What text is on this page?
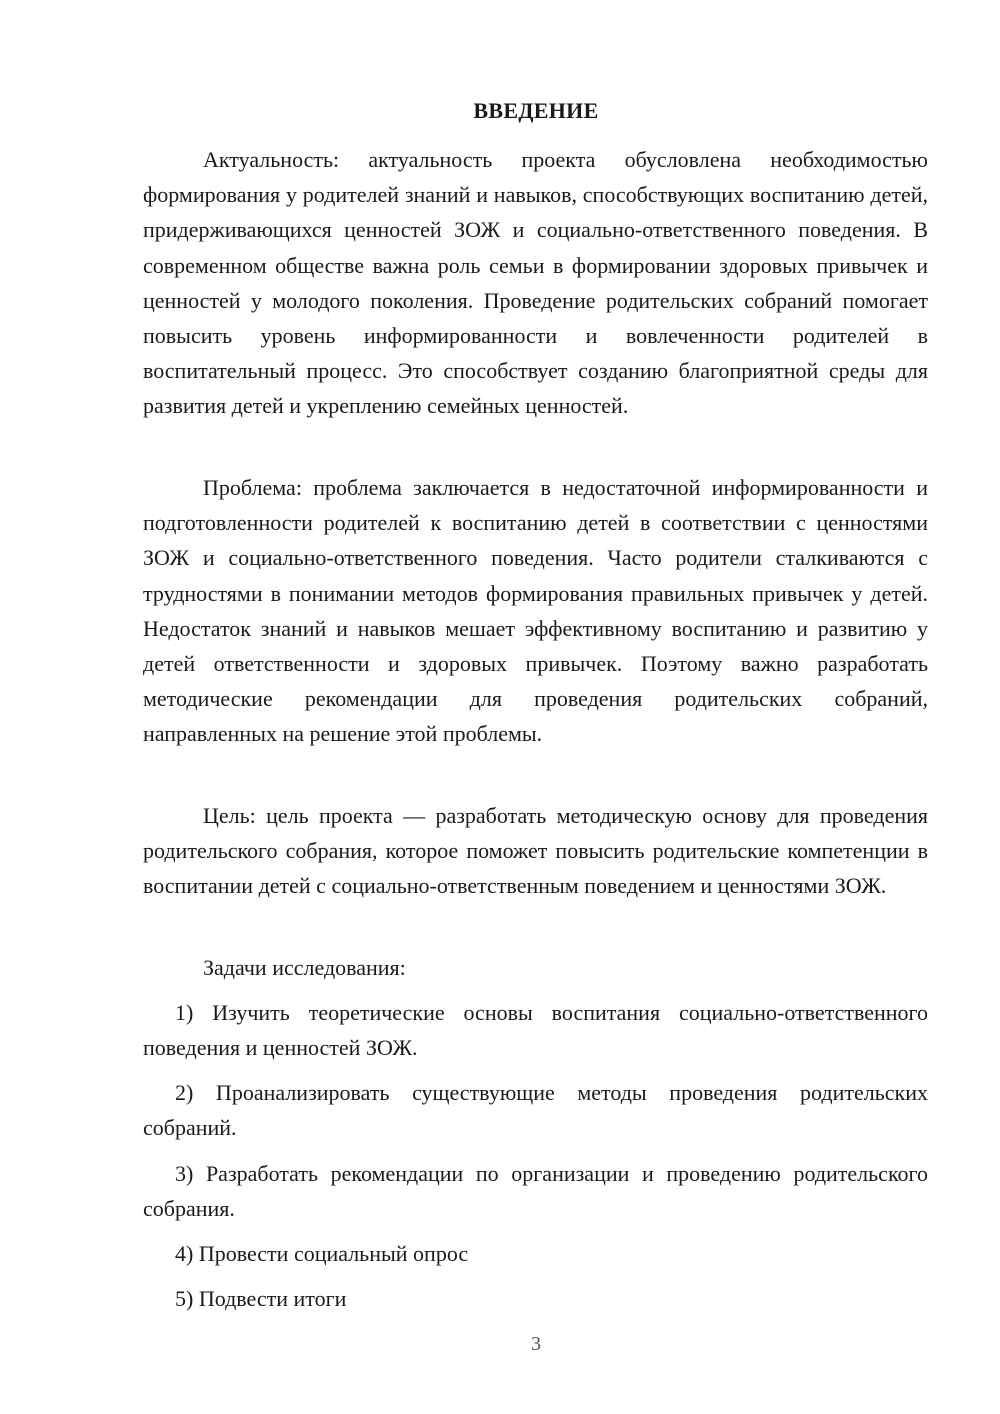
ВВЕДЕНИЕ

Актуальность: актуальность проекта обусловлена необходимостью формирования у родителей знаний и навыков, способствующих воспитанию детей, придерживающихся ценностей ЗОЖ и социально-ответственного поведения. В современном обществе важна роль семьи в формировании здоровых привычек и ценностей у молодого поколения. Проведение родительских собраний помогает повысить уровень информированности и вовлеченности родителей в воспитательный процесс. Это способствует созданию благоприятной среды для развития детей и укреплению семейных ценностей.

Проблема: проблема заключается в недостаточной информированности и подготовленности родителей к воспитанию детей в соответствии с ценностями ЗОЖ и социально-ответственного поведения. Часто родители сталкиваются с трудностями в понимании методов формирования правильных привычек у детей. Недостаток знаний и навыков мешает эффективному воспитанию и развитию у детей ответственности и здоровых привычек. Поэтому важно разработать методические рекомендации для проведения родительских собраний, направленных на решение этой проблемы.

Цель: цель проекта — разработать методическую основу для проведения родительского собрания, которое поможет повысить родительские компетенции в воспитании детей с социально-ответственным поведением и ценностями ЗОЖ.

Задачи исследования:

1) Изучить теоретические основы воспитания социально-ответственного поведения и ценностей ЗОЖ.

2) Проанализировать существующие методы проведения родительских собраний.

3) Разработать рекомендации по организации и проведению родительского собрания.

4) Провести социальный опрос

5) Подвести итоги

3
